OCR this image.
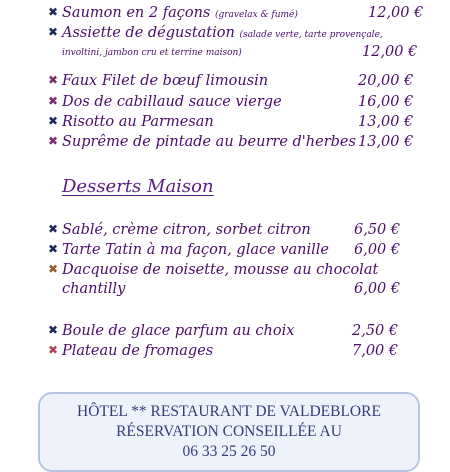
✖ Saumon en 2 façons (gravelax & fumé)	12,00 €
✖ Assiette de dégustation (salade verte, tarte provençale,
involtini, jambon cru et terrine maison)	12,00 €
✖ Faux Filet de bœuf limousin	20,00 €
✖ Dos de cabillaud sauce vierge	16,00 €
✖ Risotto au Parmesan	13,00 €
✖ Suprême de pintade au beurre d'herbes 13,00 €
Desserts Maison
✖ Sablé, crème citron, sorbet citron	6,50 €
✖ Tarte Tatin à ma façon, glace vanille 6,00 €
✖ Dacquoise de noisette, mousse au chocolat
chantilly	6,00 €
✖ Boule de glace parfum au choix	2,50 €
✖ Plateau de fromages	7,00 €
HÔTEL ** RESTAURANT DE VALDEBLORE
RÉSERVATION CONSEILLÉE AU
06 33 25 26 50
